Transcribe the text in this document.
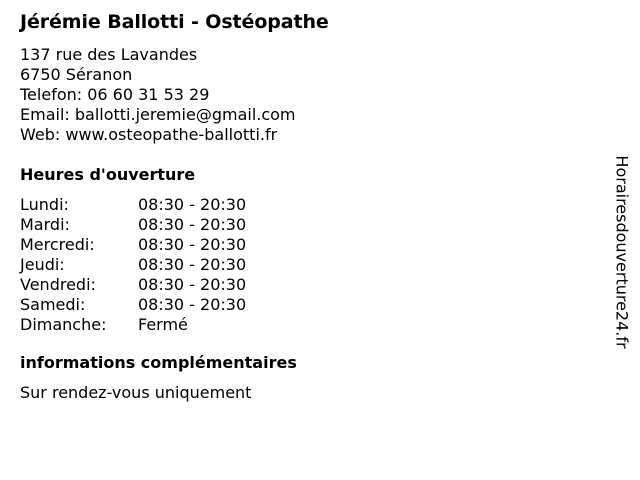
Jérémie Ballotti - Ostéopathe
137 rue des Lavandes
6750 Séranon
Telefon: 06 60 31 53 29
Email: ballotti.jeremie@gmail.com
Web: www.osteopathe-ballotti.fr
Heures d'ouverture
Lundi:	08:30 - 20:30
Mardi:	08:30 - 20:30
Mercredi:	08:30 - 20:30
Jeudi:	08:30 - 20:30
Vendredi:	08:30 - 20:30
Samedi:	08:30 - 20:30
Dimanche:	Fermé
informations complémentaires
Sur rendez-vous uniquement
Horairesdouverture24.fr
